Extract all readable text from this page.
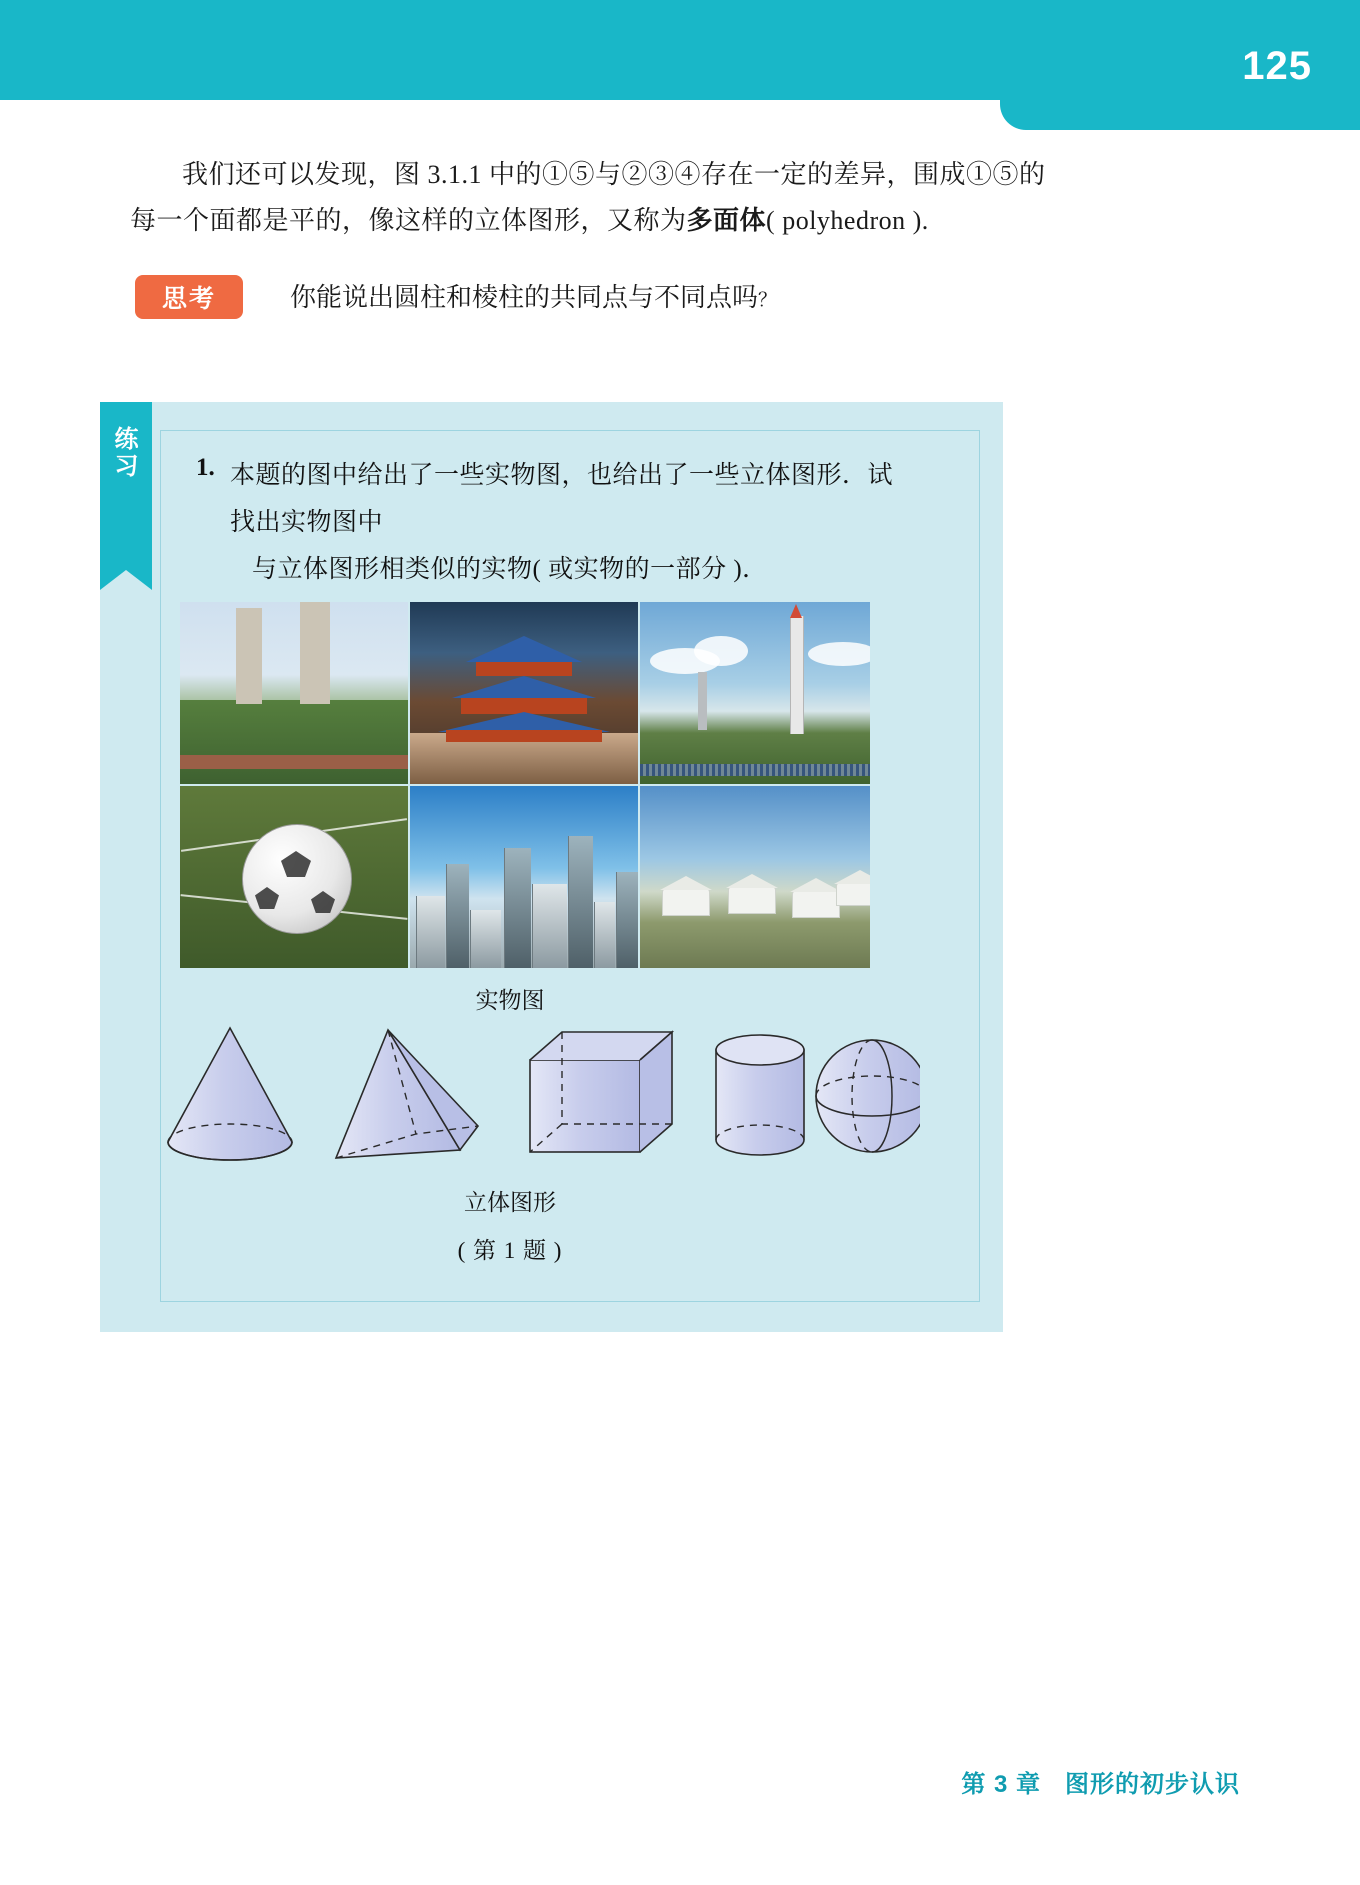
125
我们还可以发现，图 3.1.1 中的①⑤与②③④存在一定的差异，围成①⑤的
每一个面都是平的，像这样的立体图形，又称为多面体( polyhedron ).
思考	你能说出圆柱和棱柱的共同点与不同点吗？
1. 本题的图中给出了一些实物图，也给出了一些立体图形．试找出实物图中
与立体图形相类似的实物( 或实物的一部分 )．
实物图
立体图形
( 第 1 题 )
练习
第 3 章 图形的初步认识
